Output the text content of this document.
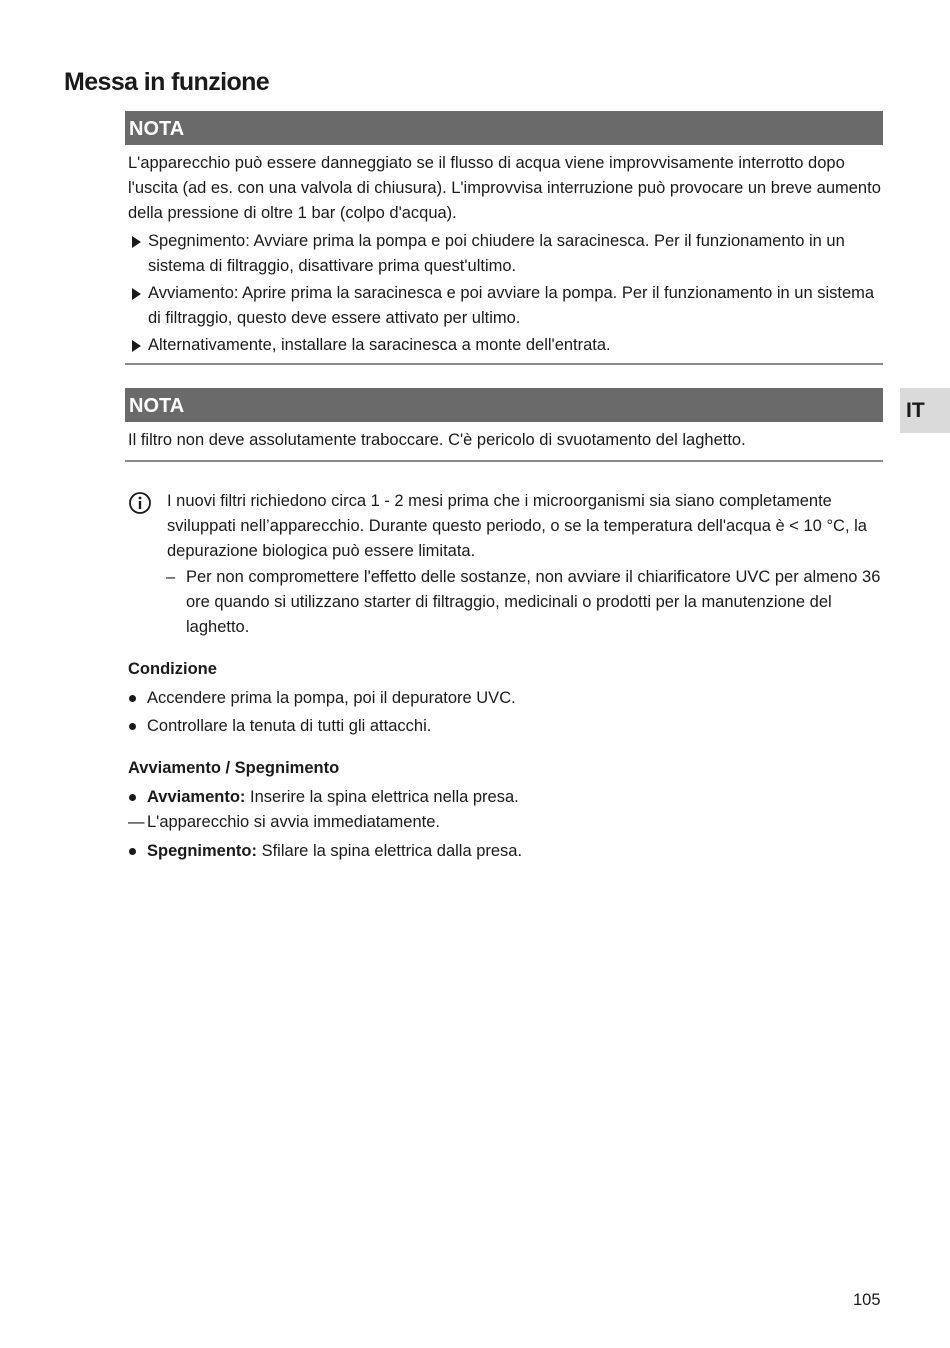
Messa in funzione
IT
NOTA
L'apparecchio può essere danneggiato se il flusso di acqua viene improvvisamente interrotto dopo l'uscita (ad es. con una valvola di chiusura). L'improvvisa interruzione può provocare un breve aumento della pressione di oltre 1 bar (colpo d'acqua).
Spegnimento: Avviare prima la pompa e poi chiudere la saracinesca. Per il funzionamento in un sistema di filtraggio, disattivare prima quest'ultimo.
Avviamento: Aprire prima la saracinesca e poi avviare la pompa. Per il funzionamento in un sistema di filtraggio, questo deve essere attivato per ultimo.
Alternativamente, installare la saracinesca a monte dell'entrata.
NOTA
Il filtro non deve assolutamente traboccare. C'è pericolo di svuotamento del laghetto.
I nuovi filtri richiedono circa 1 - 2 mesi prima che i microorganismi sia siano completamente sviluppati nell’apparecchio. Durante questo periodo, o se la temperatura dell'acqua è < 10 °C, la depurazione biologica può essere limitata.
– Per non compromettere l'effetto delle sostanze, non avviare il chiarificatore UVC per almeno 36 ore quando si utilizzano starter di filtraggio, medicinali o prodotti per la manutenzione del laghetto.
Condizione
Accendere prima la pompa, poi il depuratore UVC.
Controllare la tenuta di tutti gli attacchi.
Avviamento / Spegnimento
Avviamento: Inserire la spina elettrica nella presa.
— L'apparecchio si avvia immediatamente.
Spegnimento: Sfilare la spina elettrica dalla presa.
105
